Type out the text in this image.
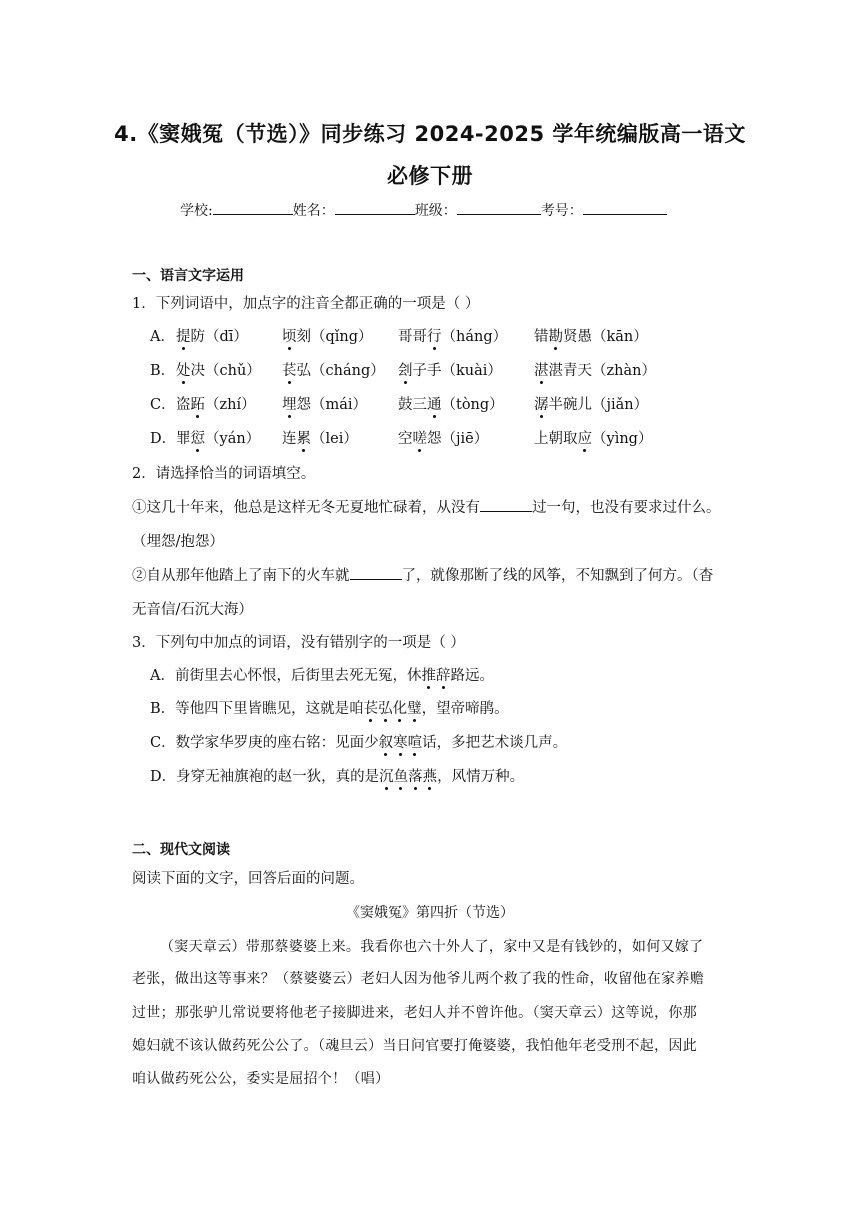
4.《窦娥冤（节选）》同步练习 2024-2025 学年统编版高一语文
必修下册
学校:	姓名：	班级：	考号：
一、语言文字运用
1．下列词语中，加点字的注音全都正确的一项是（ ）
A． 提防（dī） 顷刻（qǐng） 哥哥行（háng） 错勘贤愚（kān）
B． 处决（chǔ） 苌弘（cháng） 刽子手（kuài） 湛湛青天（zhàn）
C． 盗跖（zhí） 埋怨（mái） 鼓三通（tòng） 潺半碗儿（jiǎn）
D． 罪愆（yán） 连累（lei）	空嗟怨（jiē）	上朝取应（yìng）
2．请选择恰当的词语填空。
①这几十年来，他总是这样无冬无夏地忙碌着，从没有	过一句，也没有要求过什么。
（埋怨/抱怨）
②自从那年他踏上了南下的火车就	了，就像那断了线的风筝，不知飘到了何方。（杳
无音信/石沉大海）
3．下列句中加点的词语，没有错别字的一项是（ ）
A．前街里去心怀恨，后街里去死无冤，休推辞路远。
B．等他四下里皆瞧见，这就是咱苌弘化璧，望帝啼鹃。
C．数学家华罗庚的座右铭：见面少叙寒喧话，多把艺术谈几声。
D．身穿无袖旗袍的赵一狄，真的是沉鱼落燕，风情万种。
二、现代文阅读
阅读下面的文字，回答后面的问题。
《窦娥冤》第四折（节选）
（窦天章云）带那蔡婆婆上来。我看你也六十外人了，家中又是有钱钞的，如何又嫁了
老张，做出这等事来？（蔡婆婆云）老妇人因为他爷儿两个救了我的性命，收留他在家养赡
过世；那张驴儿常说要将他老子接脚进来，老妇人并不曾许他。（窦天章云）这等说，你那
媳妇就不该认做药死公公了。（魂旦云）当日问官要打俺婆婆，我怕他年老受刑不起，因此
咱认做药死公公，委实是屈招个！（唱）
